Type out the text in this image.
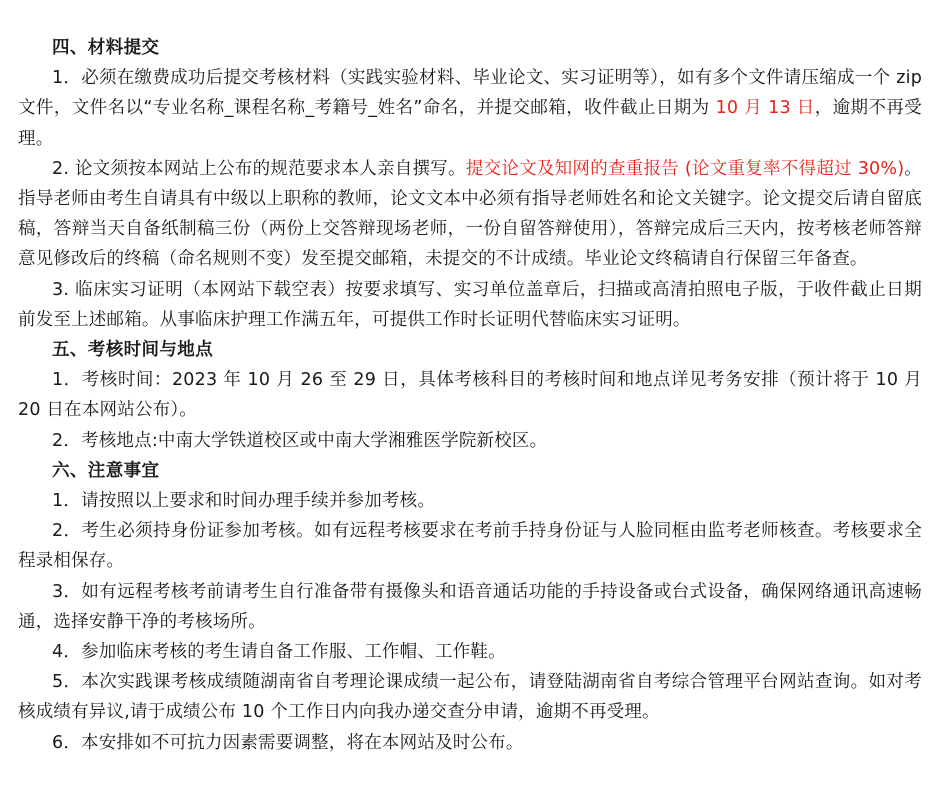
四、材料提交

1．必须在缴费成功后提交考核材料（实践实验材料、毕业论文、实习证明等），如有多个文件请压缩成一个 zip 文件，文件名以“专业名称_课程名称_考籍号_姓名”命名，并提交邮箱，收件截止日期为 10 月 13 日，逾期不再受理。

2. 论文须按本网站上公布的规范要求本人亲自撰写。提交论文及知网的查重报告 (论文重复率不得超过 30%)。指导老师由考生自请具有中级以上职称的教师，论文文本中必须有指导老师姓名和论文关键字。论文提交后请自留底稿，答辩当天自备纸制稿三份（两份上交答辩现场老师，一份自留答辩使用），答辩完成后三天内，按考核老师答辩意见修改后的终稿（命名规则不变）发至提交邮箱，未提交的不计成绩。毕业论文终稿请自行保留三年备查。

3. 临床实习证明（本网站下载空表）按要求填写、实习单位盖章后，扫描或高清拍照电子版，于收件截止日期前发至上述邮箱。从事临床护理工作满五年，可提供工作时长证明代替临床实习证明。

五、考核时间与地点

1．考核时间：2023 年 10 月 26 至 29 日，具体考核科目的考核时间和地点详见考务安排（预计将于 10 月 20 日在本网站公布）。

2．考核地点:中南大学铁道校区或中南大学湘雅医学院新校区。

六、注意事宜

1．请按照以上要求和时间办理手续并参加考核。

2．考生必须持身份证参加考核。如有远程考核要求在考前手持身份证与人脸同框由监考老师核查。考核要求全程录相保存。

3．如有远程考核考前请考生自行准备带有摄像头和语音通话功能的手持设备或台式设备，确保网络通讯高速畅通，选择安静干净的考核场所。

4．参加临床考核的考生请自备工作服、工作帽、工作鞋。

5．本次实践课考核成绩随湖南省自考理论课成绩一起公布，请登陆湖南省自考综合管理平台网站查询。如对考核成绩有异议,请于成绩公布 10 个工作日内向我办递交查分申请，逾期不再受理。

6．本安排如不可抗力因素需要调整，将在本网站及时公布。
